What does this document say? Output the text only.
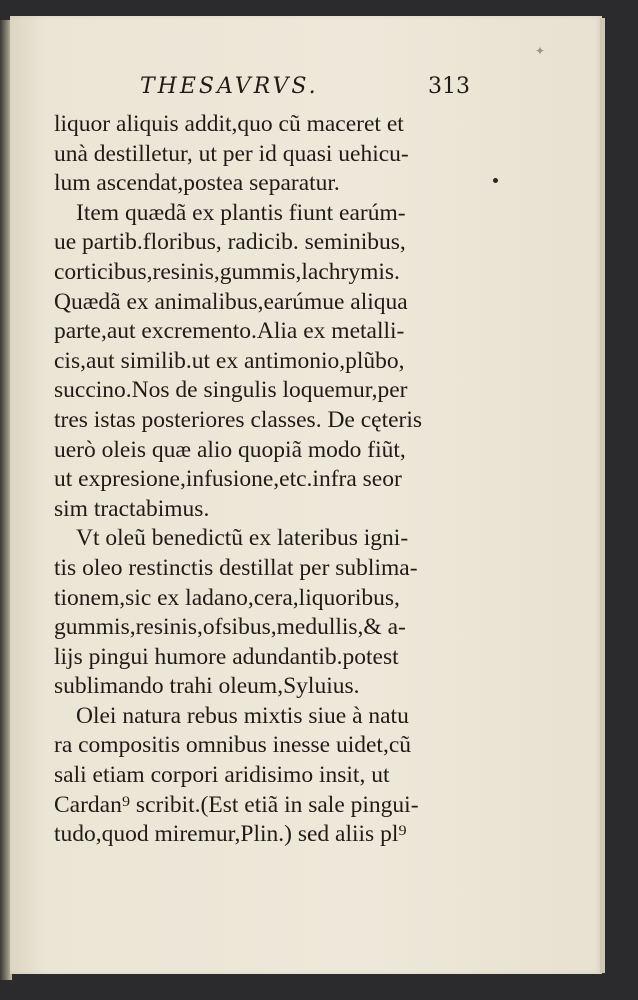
✦
THESAVRVS.	313
liquor aliquis addit,quo cũ maceret et
unà destilletur, ut per id quasi uehicu-
lum ascendat,postea separatur.
Item quædã ex plantis fiunt earúm-
ue partib.floribus, radicib. seminibus,
corticibus,resinis,gummis,lachrymis.
Quædã ex animalibus,earúmue aliqua
parte,aut excremento.Alia ex metalli-
cis,aut similib.ut ex antimonio,plũbo,
succino.Nos de singulis loquemur,per
tres istas posteriores classes. De cęteris
uerò oleis quæ alio quopiã modo fiũt,
ut expresione,infusione,etc.infra seor
sim tractabimus.
Vt oleũ benedictũ ex lateribus igni-
tis oleo restinctis destillat per sublima-
tionem,sic ex ladano,cera,liquoribus,
gummis,resinis,ofsibus,medullis,& a-
lijs pingui humore adundantib.potest
sublimando trahi oleum,Syluius.
Olei natura rebus mixtis siue à natu
ra compositis omnibus inesse uidet,cũ
sali etiam corpori aridisimo insit, ut
Cardan⁹ scribit.(Est etiã in sale pingui-
tudo,quod miremur,Plin.) sed aliis pl⁹
